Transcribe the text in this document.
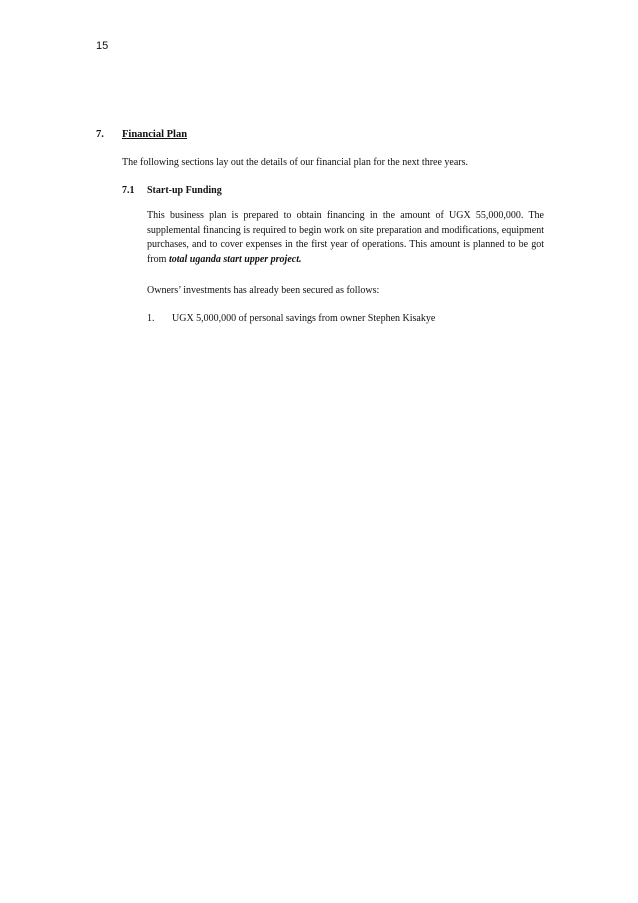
15
7. Financial Plan
The following sections lay out the details of our financial plan for the next three years.
7.1 Start-up Funding
This business plan is prepared to obtain financing in the amount of UGX 55,000,000. The supplemental financing is required to begin work on site preparation and modifications, equipment purchases, and to cover expenses in the first year of operations. This amount is planned to be got from total uganda start upper project.
Owners’ investments has already been secured as follows:
1. UGX 5,000,000 of personal savings from owner Stephen Kisakye
